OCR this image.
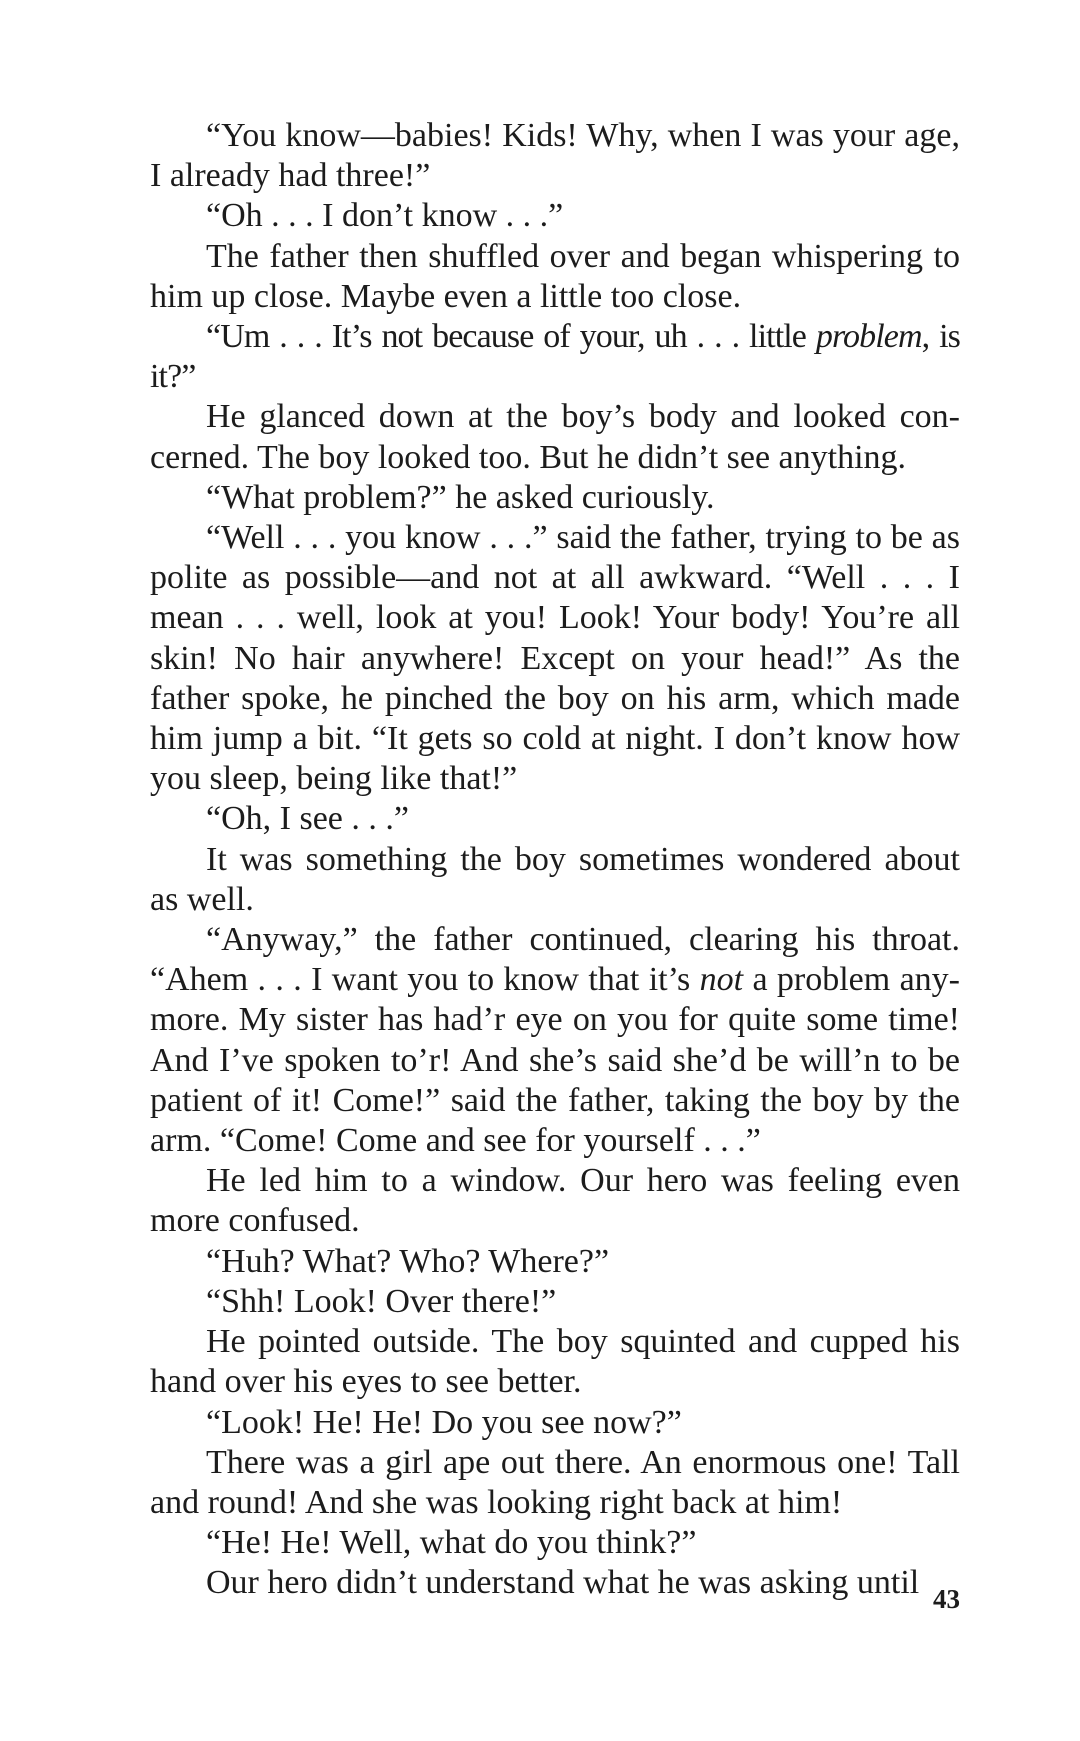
“You know—babies! Kids! Why, when I was your age, I already had three!”

“Oh . . . I don’t know . . .”

The father then shuffled over and began whispering to him up close. Maybe even a little too close.

“Um . . . It’s not because of your, uh . . . little problem, is it?”

He glanced down at the boy’s body and looked concerned. The boy looked too. But he didn’t see anything.

“What problem?” he asked curiously.

“Well . . . you know . . .” said the father, trying to be as polite as possible—and not at all awkward. “Well . . . I mean . . . well, look at you! Look! Your body! You’re all skin! No hair anywhere! Except on your head!” As the father spoke, he pinched the boy on his arm, which made him jump a bit. “It gets so cold at night. I don’t know how you sleep, being like that!”

“Oh, I see . . .”

It was something the boy sometimes wondered about as well.

“Anyway,” the father continued, clearing his throat. “Ahem . . . I want you to know that it’s not a problem anymore. My sister has had’r eye on you for quite some time! And I’ve spoken to’r! And she’s said she’d be will’n to be patient of it! Come!” said the father, taking the boy by the arm. “Come! Come and see for yourself . . .”

He led him to a window. Our hero was feeling even more confused.

“Huh? What? Who? Where?”

“Shh! Look! Over there!”

He pointed outside. The boy squinted and cupped his hand over his eyes to see better.

“Look! He! He! Do you see now?”

There was a girl ape out there. An enormous one! Tall and round! And she was looking right back at him!

“He! He! Well, what do you think?”

Our hero didn’t understand what he was asking until 43
